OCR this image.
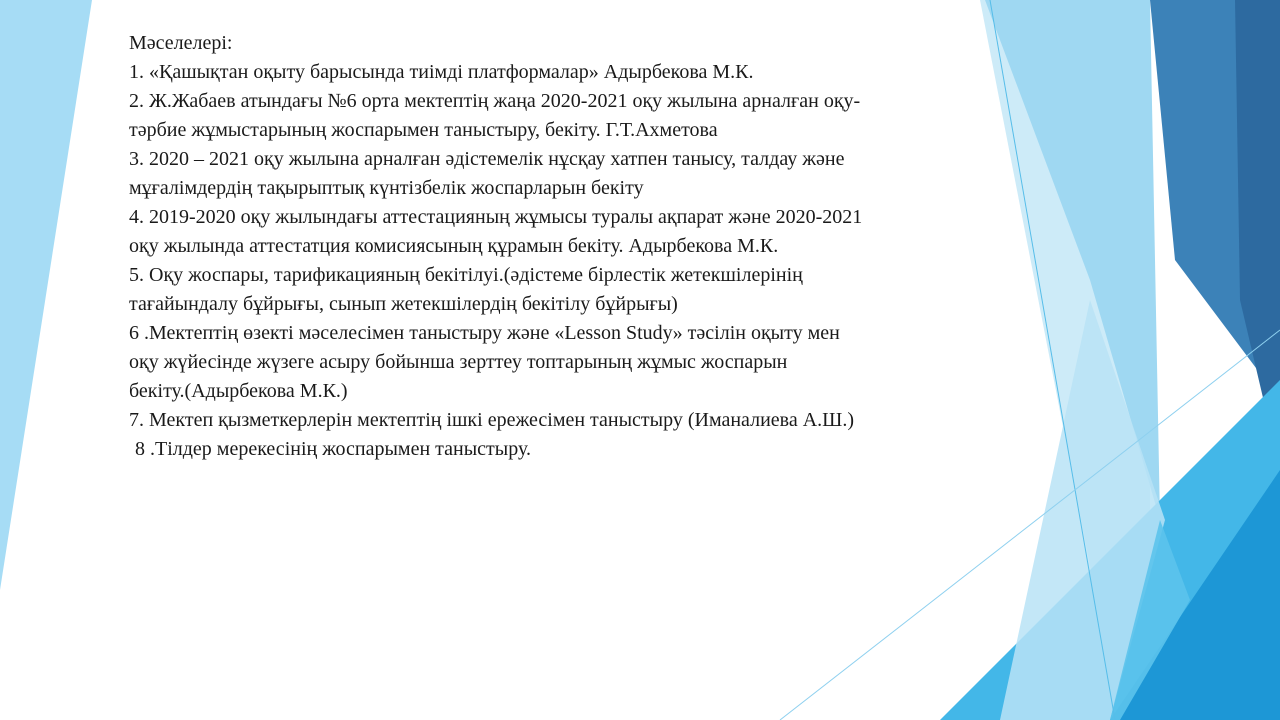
Мәселелері:
1. «Қашықтан оқыту барысында тиімді платформалар» Адырбекова М.К.
2. Ж.Жабаев атындағы №6 орта мектептің жаңа 2020-2021 оқу жылына арналған оқу-
тәрбие жұмыстарының жоспарымен таныстыру, бекіту. Г.Т.Ахметова
3. 2020 – 2021 оқу жылына арналған әдістемелік нұсқау хатпен танысу, талдау және
мұғалімдердің тақырыптық күнтізбелік жоспарларын бекіту
4. 2019-2020 оқу жылындағы аттестацияның жұмысы туралы ақпарат және 2020-2021
оқу жылында аттестатция комисиясының құрамын бекіту. Адырбекова М.К.
5. Оқу жоспары, тарификацияның бекітілуі.(әдістеме бірлестік жетекшілерінің
тағайындалу бұйрығы, сынып жетекшілердің бекітілу бұйрығы)
6 .Мектептің өзекті мәселесімен таныстыру және «Lesson Study» тәсілін оқыту мен
оқу жүйесінде жүзеге асыру бойынша зерттеу топтарының жұмыс жоспарын
бекіту.(Адырбекова М.К.)
7. Мектеп қызметкерлерін мектептің ішкі ережесімен таныстыру (Иманалиева А.Ш.)
8 .Тілдер мерекесінің жоспарымен таныстыру.
